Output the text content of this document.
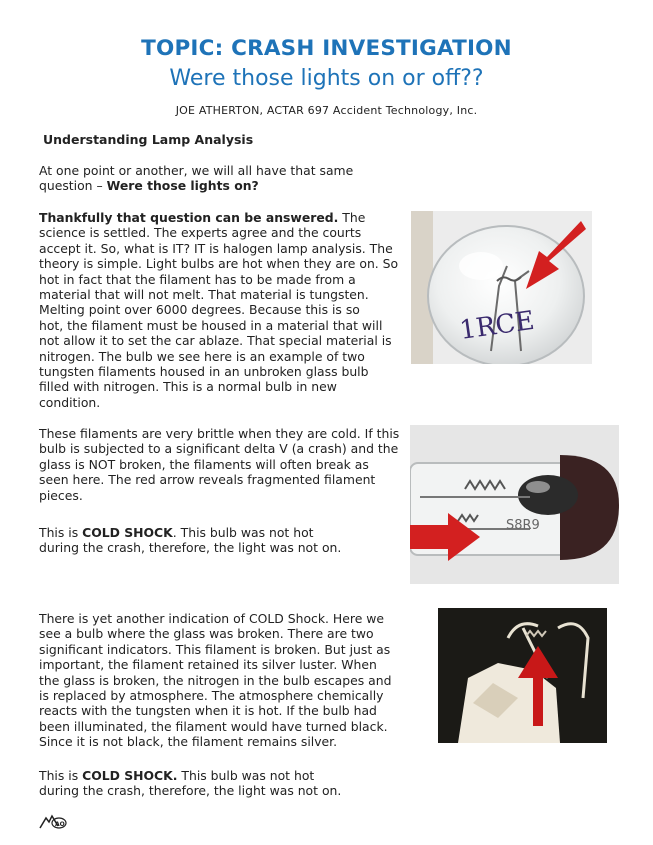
TOPIC: CRASH INVESTIGATION
Were those lights on or off??
JOE ATHERTON, ACTAR 697 Accident Technology, Inc.
Understanding Lamp Analysis

At one point or another, we will all have that same question – Were those lights on?

Thankfully that question can be answered. The
science is settled. The experts agree and the courts
accept it. So, what is IT? IT is halogen lamp analysis. The
theory is simple. Light bulbs are hot when they are on. So
hot in fact that the filament has to be made from a
material that will not melt. That material is tungsten.
Melting point over 6000 degrees. Because this is so
hot, the filament must be housed in a material that will
not allow it to set the car ablaze. That special material is
nitrogen. The bulb we see here is an example of two
tungsten filaments housed in an unbroken glass bulb
filled with nitrogen. This is a normal bulb in new
condition.
These filaments are very brittle when they are cold. If this
bulb is subjected to a significant delta V (a crash) and the
glass is NOT broken, the filaments will often break as
seen here. The red arrow reveals fragmented filament
pieces.
This is COLD SHOCK. This bulb was not hot
during the crash, therefore, the light was not on.
There is yet another indication of COLD Shock. Here we
see a bulb where the glass was broken. There are two
significant indicators. This filament is broken. But just as
important, the filament retained its silver luster. When
the glass is broken, the nitrogen in the bulb escapes and
is replaced by atmosphere. The atmosphere chemically
reacts with the tungsten when it is hot. If the bulb had
been illuminated, the filament would have turned black.
Since it is not black, the filament remains silver.
This is COLD SHOCK. This bulb was not hot
during the crash, therefore, the light was not on.
1RCE
S8R9
AO
